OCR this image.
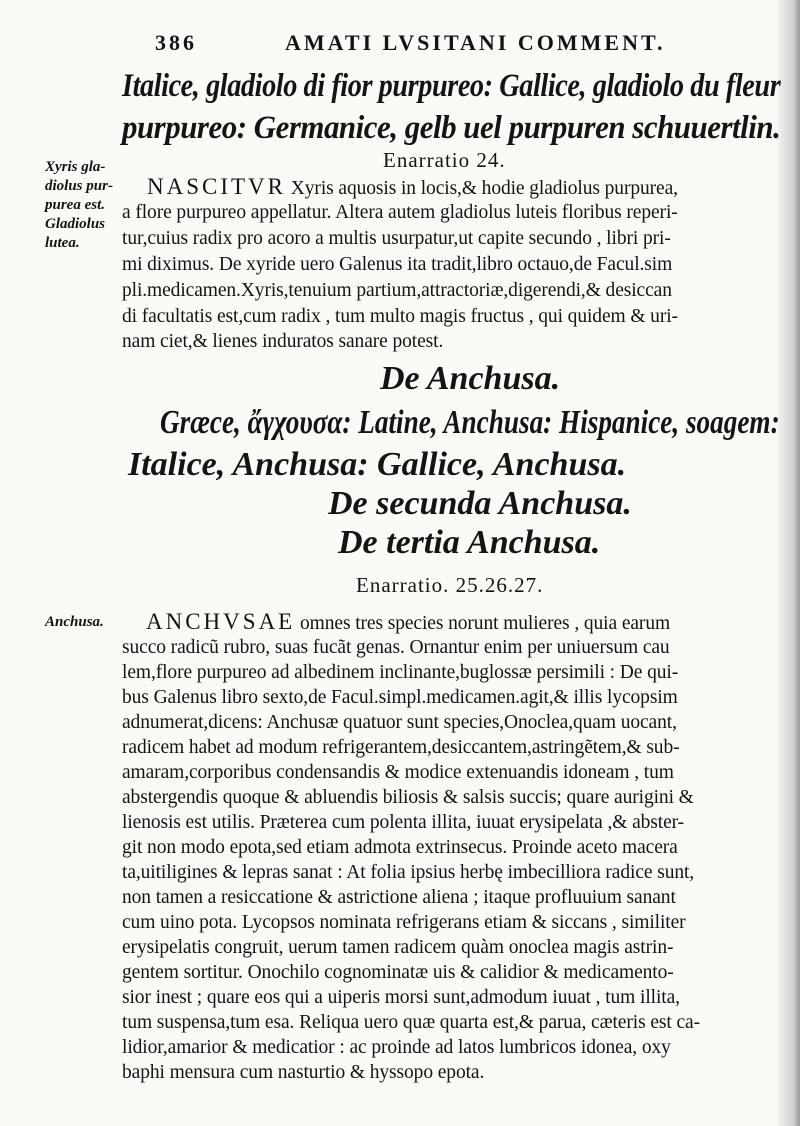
386	AMATI LVSITANI COMMENT.
Italice, gladiolo di fior purpureo: Gallice, gladiolo du fleur
purpureo: Germanice, gelb uel purpuren schuuertlin.
Enarratio 24.
Xyris gla-
diolus pur-
purea est.
Gladiolus
lutea.
NASCITVR Xyris aquosis in locis,& hodie gladiolus purpurea,
a flore purpureo appellatur. Altera autem gladiolus luteis floribus reperi-
tur,cuius radix pro acoro a multis usurpatur,ut capite secundo , libri pri-
mi diximus. De xyride uero Galenus ita tradit,libro octauo,de Facul.sim
pli.medicamen.Xyris,tenuium partium,attractoriæ,digerendi,& desiccan
di facultatis est,cum radix , tum multo magis fructus , qui quidem & uri-
nam ciet,& lienes induratos sanare potest.
De Anchusa.
Græce, ἄγχουσα: Latine, Anchusa: Hispanice, soagem:
Italice, Anchusa: Gallice, Anchusa.
De secunda Anchusa.
De tertia Anchusa.
Enarratio. 25.26.27.
Anchusa. ANCHVSAE omnes tres species norunt mulieres , quia earum
succo radicũ rubro, suas fucãt genas. Ornantur enim per uniuersum cau
lem,flore purpureo ad albedinem inclinante,buglossæ persimili : De qui-
bus Galenus libro sexto,de Facul.simpl.medicamen.agit,& illis lycopsim
adnumerat,dicens: Anchusæ quatuor sunt species,Onoclea,quam uocant,
radicem habet ad modum refrigerantem,desiccantem,astringẽtem,& sub-
amaram,corporibus condensandis & modice extenuandis idoneam , tum
abstergendis quoque & abluendis biliosis & salsis succis; quare aurigini &
lienosis est utilis. Præterea cum polenta illita, iuuat erysipelata ,& abster-
git non modo epota,sed etiam admota extrinsecus. Proinde aceto macera
ta,uitiligines & lepras sanat : At folia ipsius herbę imbecilliora radice sunt,
non tamen a resiccatione & astrictione aliena ; itaque profluuium sanant
cum uino pota. Lycopsos nominata refrigerans etiam & siccans , similiter
erysipelatis congruit, uerum tamen radicem quàm onoclea magis astrin-
gentem sortitur. Onochilo cognominatæ uis & calidior & medicamento-
sior inest ; quare eos qui a uiperis morsi sunt,admodum iuuat , tum illita,
tum suspensa,tum esa. Reliqua uero quæ quarta est,& parua, cæteris est ca-
lidior,amarior & medicatior : ac proinde ad latos lumbricos idonea, oxy
baphi mensura cum nasturtio & hyssopo epota.
